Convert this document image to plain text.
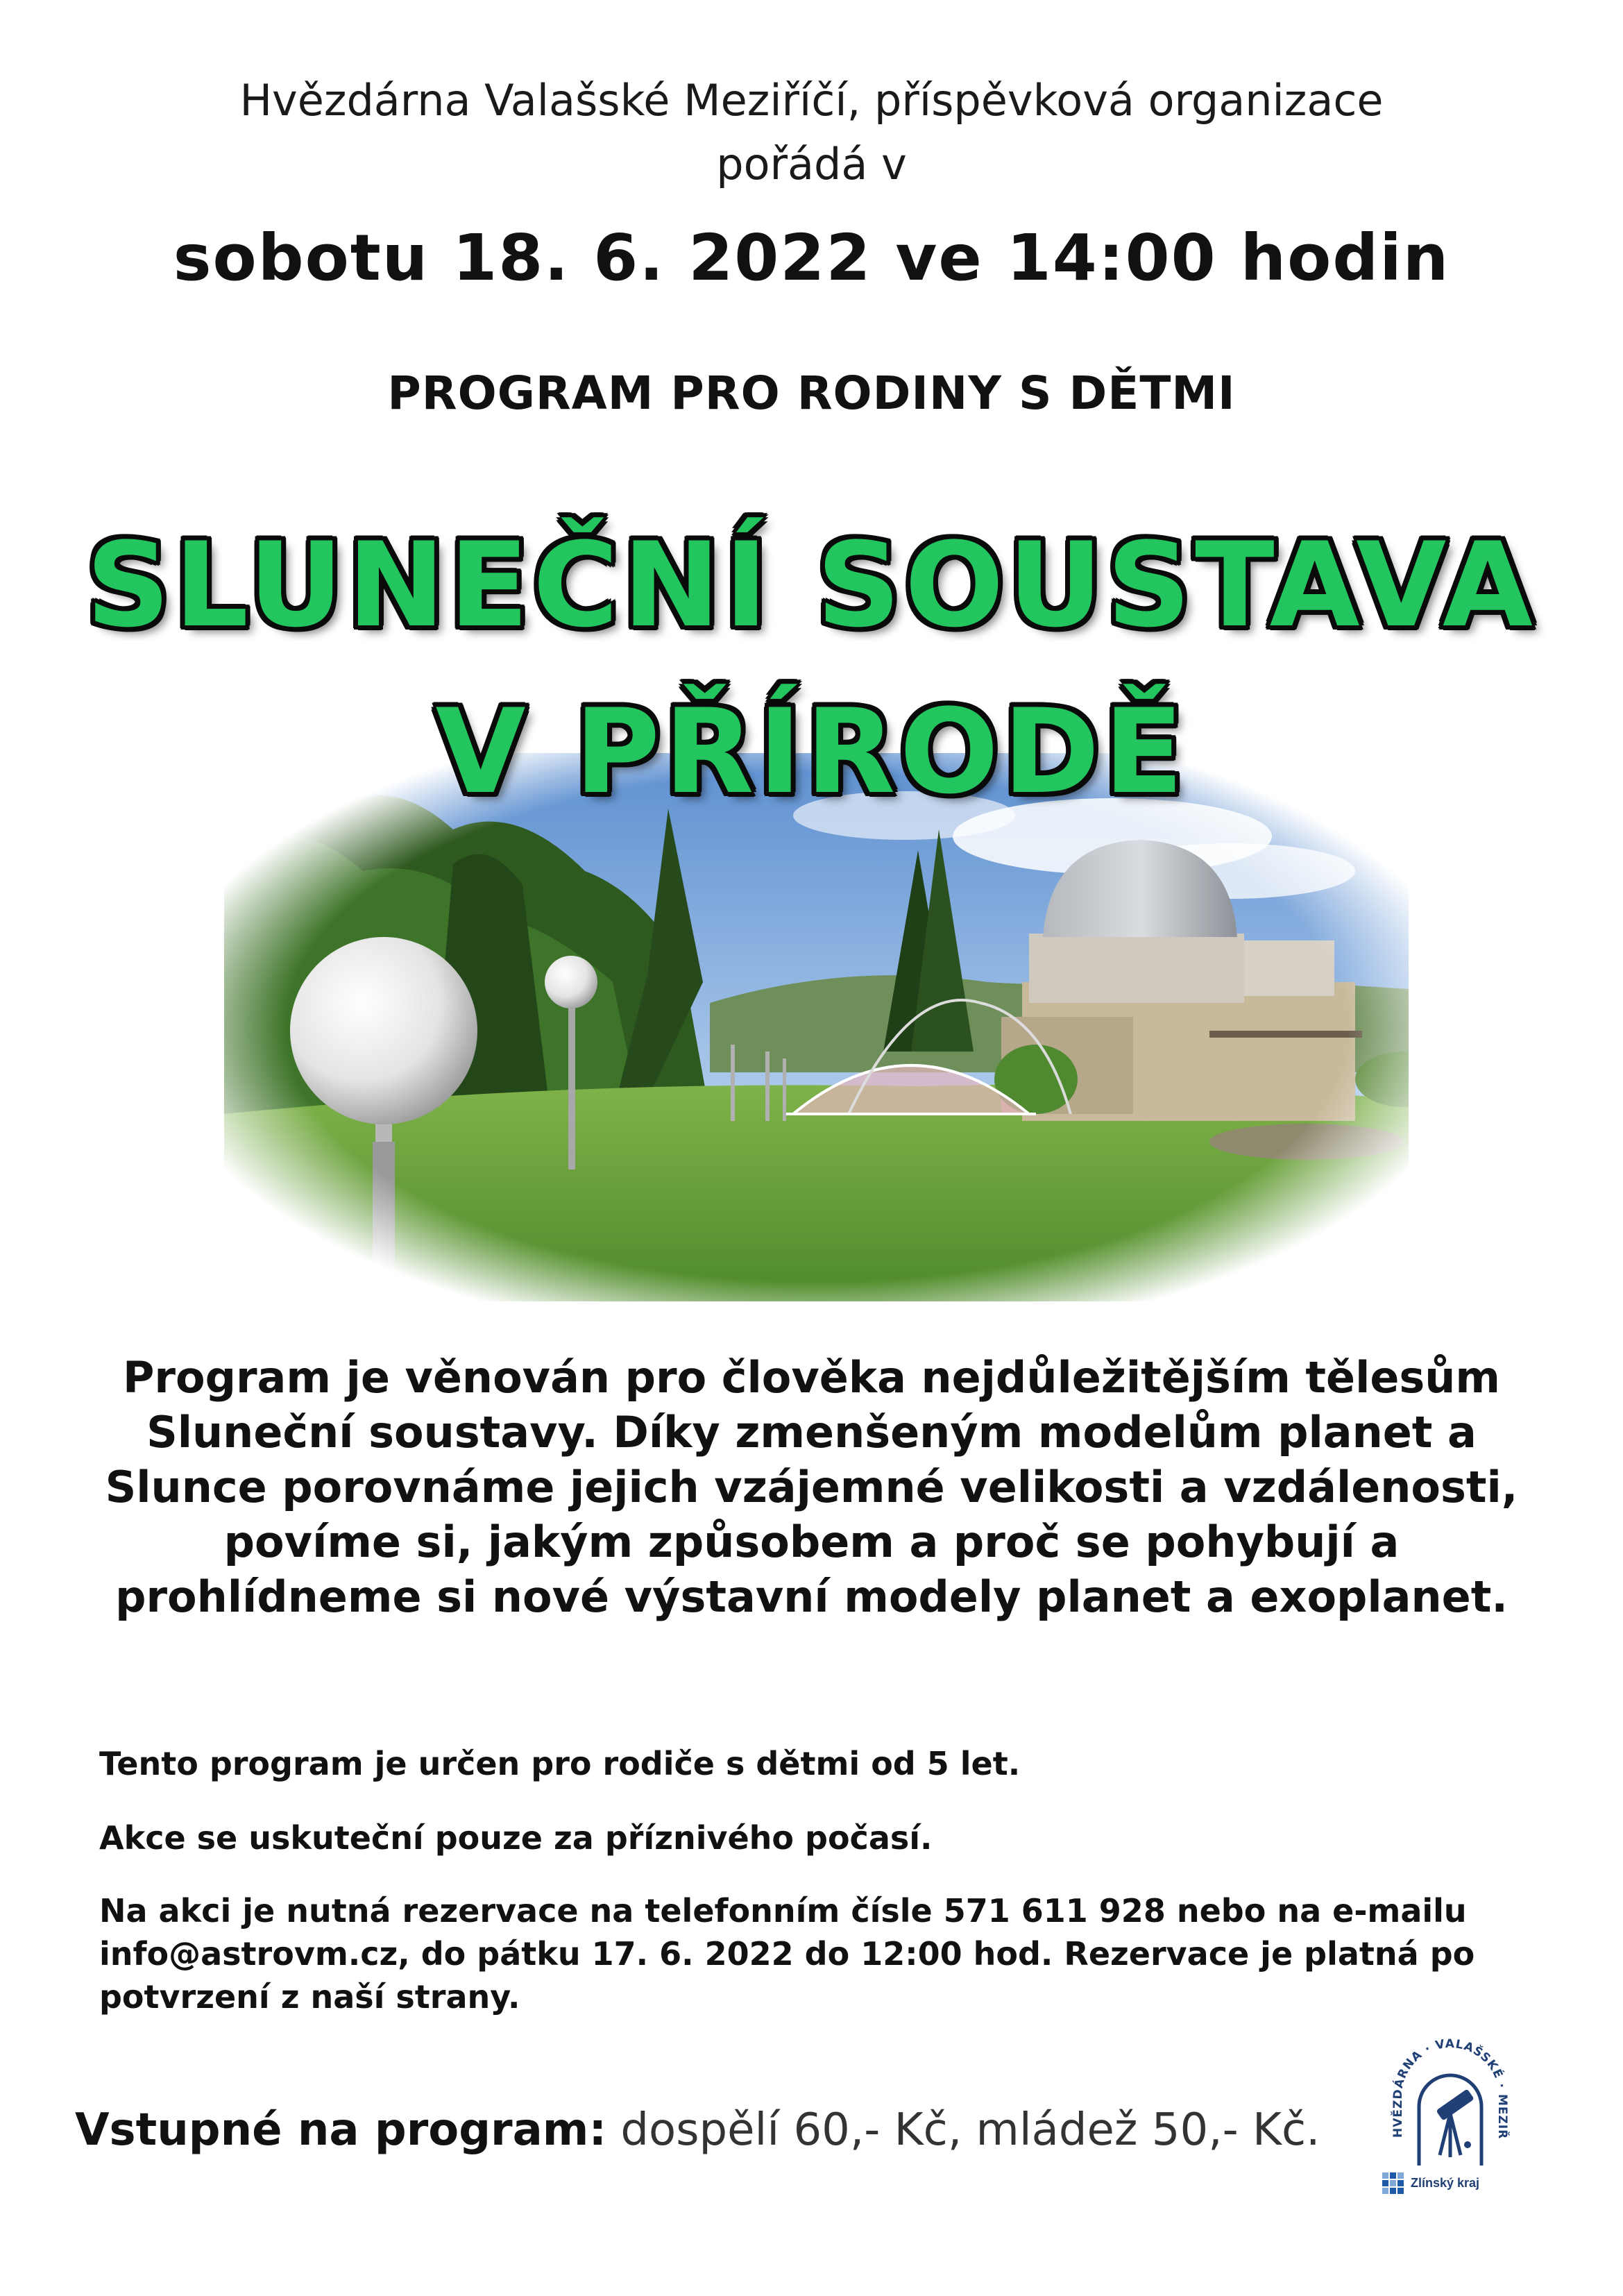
Hvězdárna Valašské Meziříčí, příspěvková organizace
pořádá v
sobotu 18. 6. 2022 ve 14:00 hodin
PROGRAM PRO RODINY S DĚTMI
SLUNEČNÍ SOUSTAVA
V PŘÍRODĚ
Program je věnován pro člověka nejdůležitějším tělesům Sluneční soustavy. Díky zmenšeným modelům planet a Slunce porovnáme jejich vzájemné velikosti a vzdálenosti, povíme si, jakým způsobem a proč se pohybují a prohlídneme si nové výstavní modely planet a exoplanet.
Tento program je určen pro rodiče s dětmi od 5 let.
Akce se uskuteční pouze za příznivého počasí.
Na akci je nutná rezervace na telefonním čísle 571 611 928 nebo na e-mailu info@astrovm.cz, do pátku 17. 6. 2022 do 12:00 hod. Rezervace je platná po potvrzení z naší strany.
Vstupné na program: dospělí 60,- Kč, mládež 50,- Kč.	HVĚZDÁRNA · VALAŠSKÉ · MEZIŘ
Zlínský kraj
